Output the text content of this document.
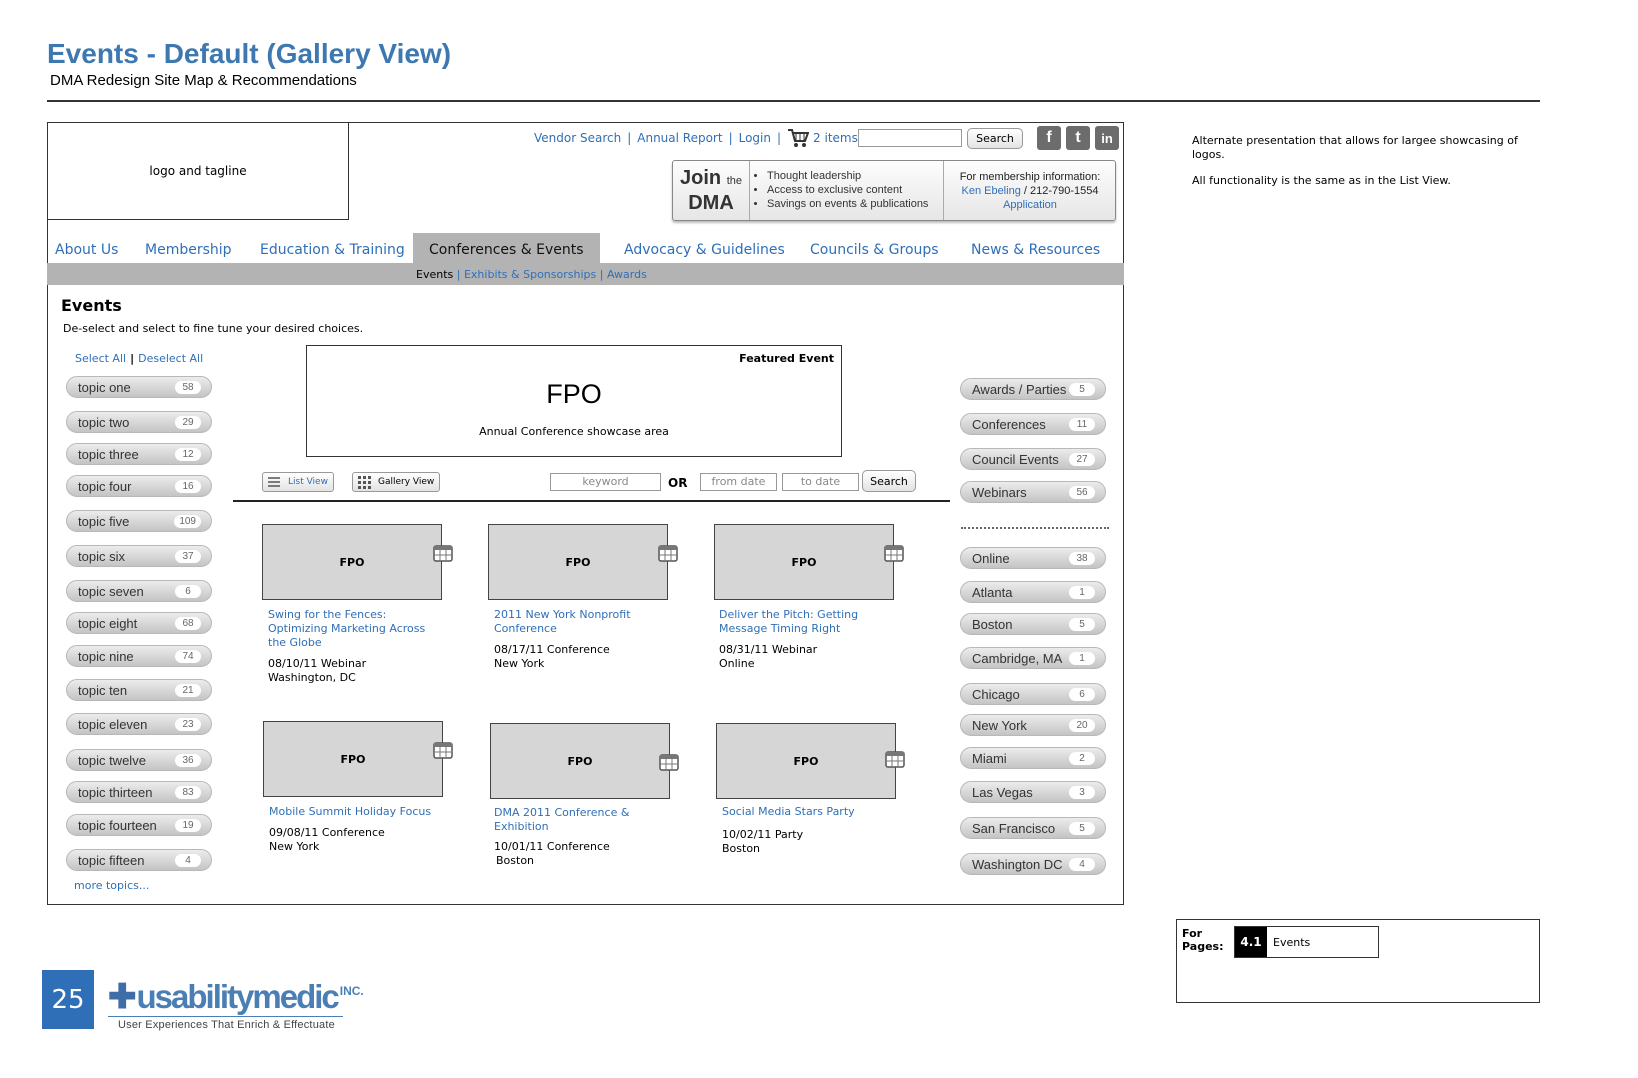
Events - Default (Gallery View)
DMA Redesign Site Map & Recommendations
logo and tagline
Vendor Search | Annual Report | Login |	2 items	Search	f	t	in
Join the
DMA
• Thought leadership
• Access to exclusive content
• Savings on events & publications
For membership information:
Ken Ebeling / 212-790-1554
Application
About Us Membership Education & Training	Conferences & Events	Advocacy & Guidelines Councils & Groups News & Resources
Events | Exhibits & Sponsorships | Awards
Events
De-select and select to fine tune your desired choices.
Select All | Deselect All
topic one	58
topic two	29
topic three	12
topic four	16
topic five	109
topic six	37
topic seven	6
topic eight	68
topic nine	74
topic ten	21
topic eleven	23
topic twelve	36
topic thirteen	83
topic fourteen	19
topic fifteen	4
more topics...
Featured Event
FPO
Annual Conference showcase area
List View	Gallery View	keyword	OR	from date	to date	Search
FPO
Swing for the Fences: Optimizing Marketing Across the Globe
08/10/11 Webinar
Washington, DC
FPO
2011 New York Nonprofit Conference
08/17/11 Conference
New York
FPO
Deliver the Pitch: Getting Message Timing Right
08/31/11 Webinar
Online
FPO
Mobile Summit Holiday Focus
09/08/11 Conference
New York
FPO
DMA 2011 Conference & Exhibition
10/01/11 Conference
Boston
FPO
Social Media Stars Party
10/02/11 Party
Boston
Awards / Parties	5
Conferences	11
Council Events	27
Webinars	56
Online	38
Atlanta	1
Boston	5
Cambridge, MA	1
Chicago	6
New York	20
Miami	2
Las Vegas	3
San Francisco	5
Washington DC	4

Alternate presentation that allows for largee showcasing of logos.

All functionality is the same as in the List View.

For
Pages:	4.1	Events
25 ✚ usabilitymedic INC.
User Experiences That Enrich & Effectuate
